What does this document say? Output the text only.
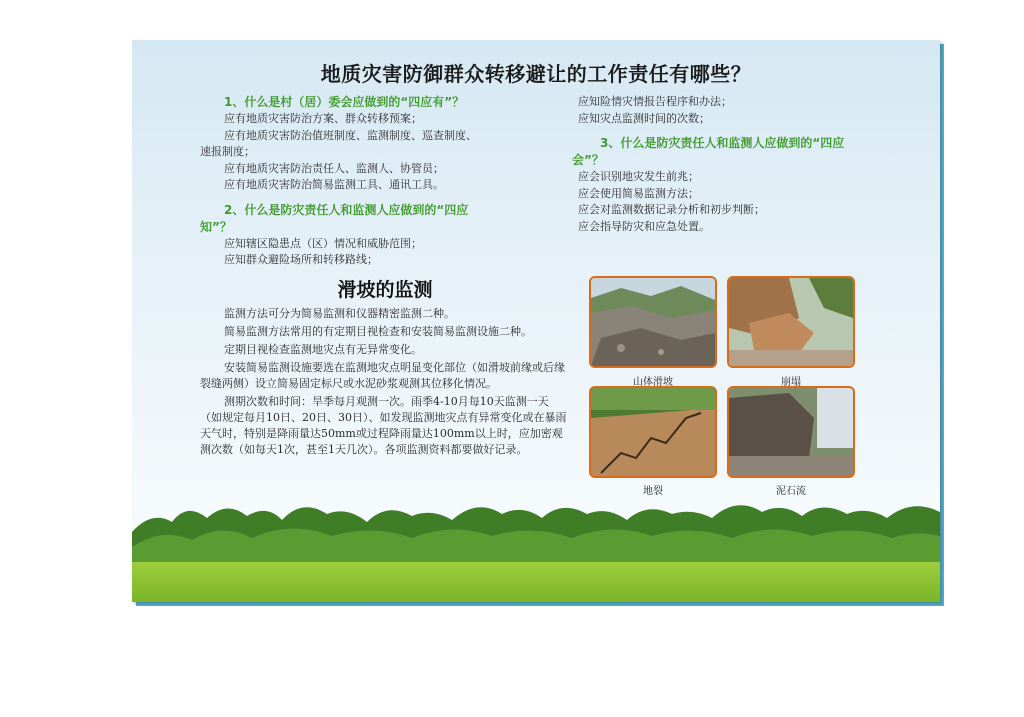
地质灾害防御群众转移避让的工作责任有哪些？
1、什么是村（居）委会应做到的“四应有”？
应有地质灾害防治方案、群众转移预案；
应有地质灾害防治值班制度、监测制度、巡查制度、
速报制度；
应有地质灾害防治责任人、监测人、协管员；
应有地质灾害防治简易监测工具、通讯工具。
2、什么是防灾责任人和监测人应做到的“四应
知”？
应知辖区隐患点（区）情况和威胁范围；
应知群众避险场所和转移路线；
滑坡的监测

监测方法可分为简易监测和仪器精密监测二种。

简易监测方法常用的有定期目视检查和安装简易监测设施二种。

定期目视检查监测地灾点有无异常变化。

安装简易监测设施要选在监测地灾点明显变化部位（如滑坡前缘或后缘裂缝两侧）设立简易固定标尺或水泥砂浆观测其位移化情况。

测期次数和时间：旱季每月观测一次。雨季4-10月每10天监测一天（如规定每月10日、20日、30日）、如发现监测地灾点有异常变化或在暴雨天气时，特别是降雨量达50mm或过程降雨量达100mm以上时，应加密观测次数（如每天1次，甚至1天几次）。各项监测资料都要做好记录。

应知险情灾情报告程序和办法；
应知灾点监测时间的次数；
3、什么是防灾责任人和监测人应做到的“四应
会”？
应会识别地灾发生前兆；
应会使用简易监测方法；
应会对监测数据记录分析和初步判断；
应会指导防灾和应急处置。
山体滑坡	崩塌
地裂	泥石流
